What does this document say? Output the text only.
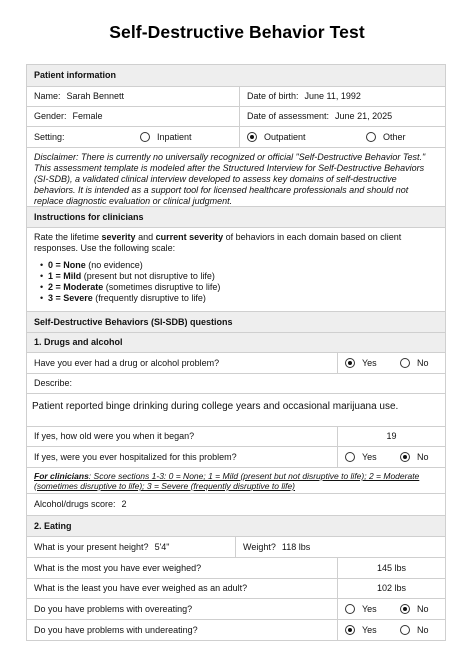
Self-Destructive Behavior Test
Patient information
Name: Sarah Bennett	Date of birth: June 11, 1992
Gender: Female	Date of assessment: June 21, 2025
Setting:	Inpatient	Outpatient	Other
Disclaimer: There is currently no universally recognized or official "Self-Destructive Behavior Test." This assessment template is modeled after the Structured Interview for Self-Destructive Behaviors (SI-SDB), a validated clinical interview developed to assess key domains of self-destructive behaviors. It is intended as a support tool for licensed healthcare professionals and should not replace diagnostic evaluation or clinical judgment.
Instructions for clinicians
Rate the lifetime severity and current severity of behaviors in each domain based on client responses. Use the following scale:
• 0 = None (no evidence)
• 1 = Mild (present but not disruptive to life)
• 2 = Moderate (sometimes disruptive to life)
• 3 = Severe (frequently disruptive to life)
Self-Destructive Behaviors (SI-SDB) questions
1. Drugs and alcohol
Have you ever had a drug or alcohol problem?	Yes	No
Describe:
Patient reported binge drinking during college years and occasional marijuana use.
If yes, how old were you when it began?	19
If yes, were you ever hospitalized for this problem?	Yes	No
For clinicians: Score sections 1-3: 0 = None; 1 = Mild (present but not disruptive to life); 2 = Moderate (sometimes disruptive to life); 3 = Severe (frequently disruptive to life)
Alcohol/drugs score: 2
2. Eating
What is your present height? 5'4"	Weight? 118 lbs
What is the most you have ever weighed?	145 lbs
What is the least you have ever weighed as an adult?	102 lbs
Do you have problems with overeating?	Yes	No
Do you have problems with undereating?	Yes	No
